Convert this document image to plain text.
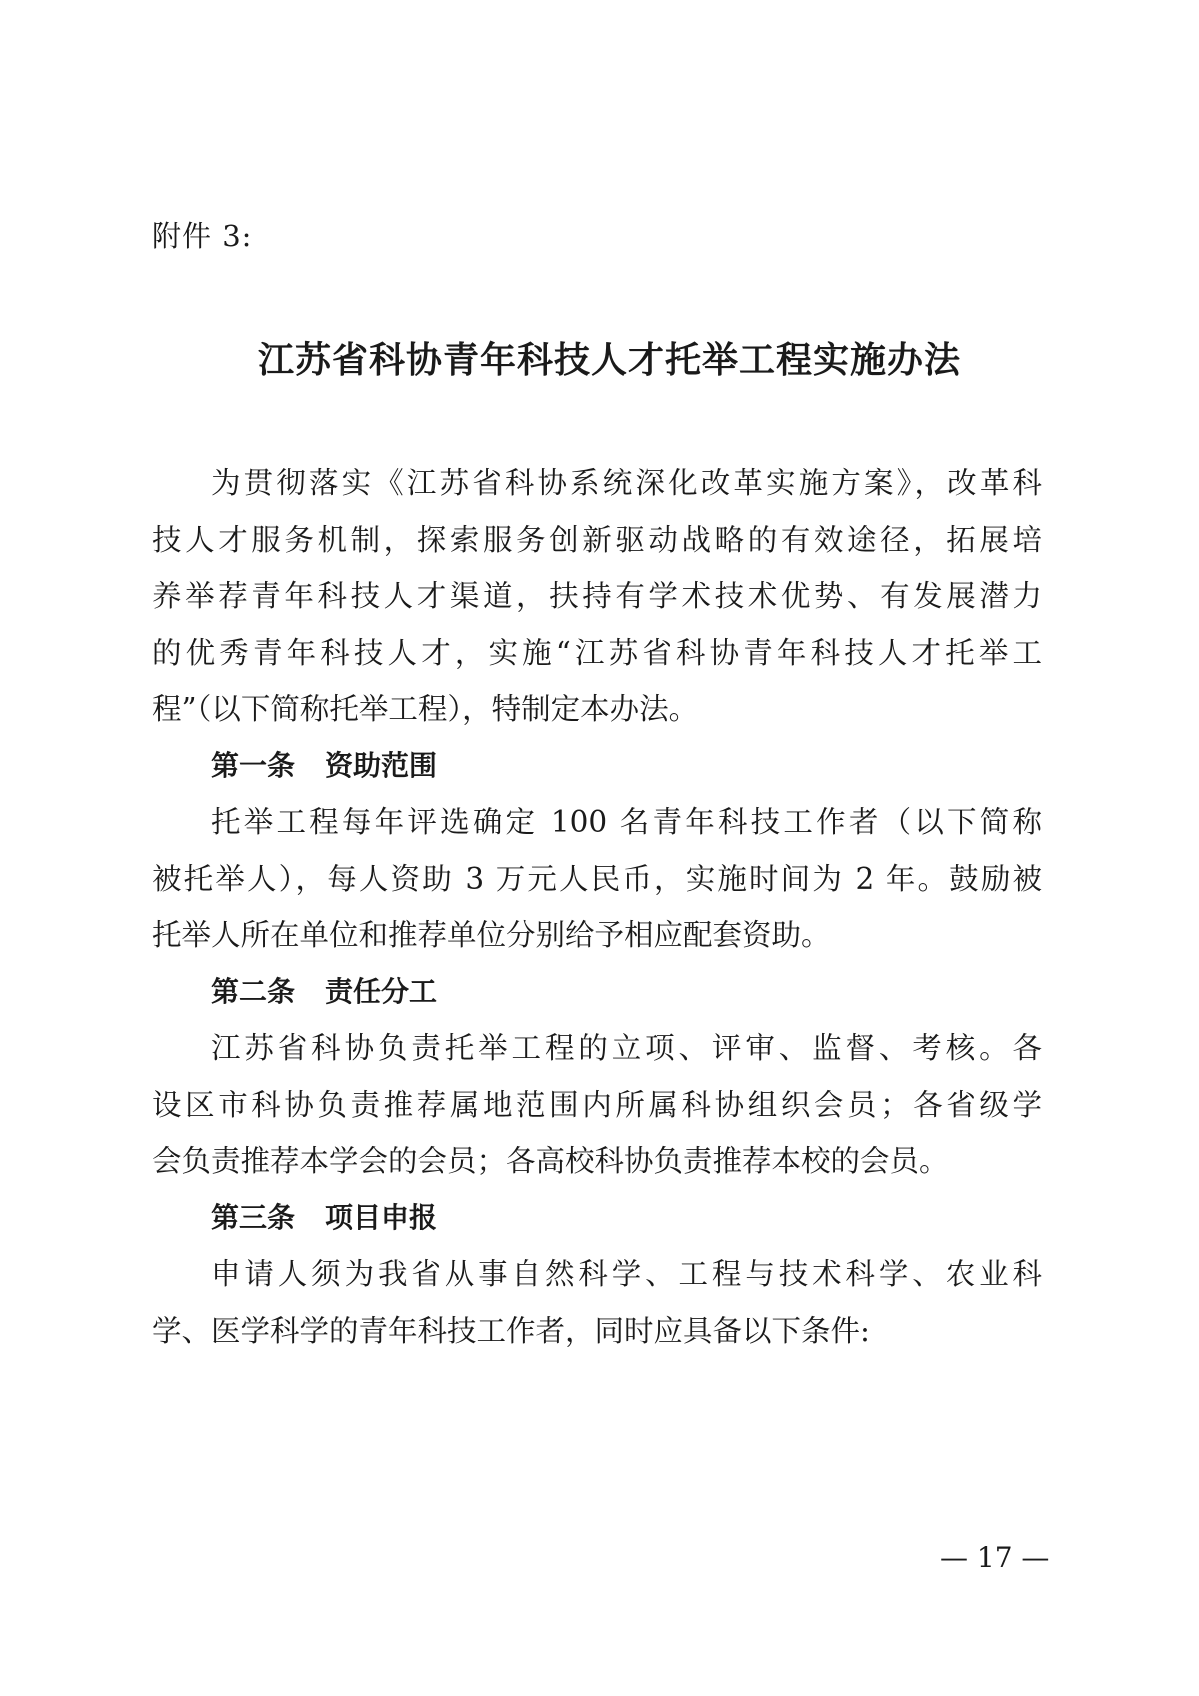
附件 3:
江苏省科协青年科技人才托举工程实施办法
为贯彻落实《江苏省科协系统深化改革实施方案》，改革科
技人才服务机制，探索服务创新驱动战略的有效途径，拓展培
养举荐青年科技人才渠道，扶持有学术技术优势、有发展潜力
的优秀青年科技人才，实施“江苏省科协青年科技人才托举工
程”（以下简称托举工程），特制定本办法。
第一条 资助范围
托举工程每年评选确定 100 名青年科技工作者（以下简称
被托举人），每人资助 3 万元人民币，实施时间为 2 年。鼓励被
托举人所在单位和推荐单位分别给予相应配套资助。
第二条 责任分工
江苏省科协负责托举工程的立项、评审、监督、考核。各
设区市科协负责推荐属地范围内所属科协组织会员；各省级学
会负责推荐本学会的会员；各高校科协负责推荐本校的会员。
第三条 项目申报
申请人须为我省从事自然科学、工程与技术科学、农业科
学、医学科学的青年科技工作者，同时应具备以下条件:
— 17 —
